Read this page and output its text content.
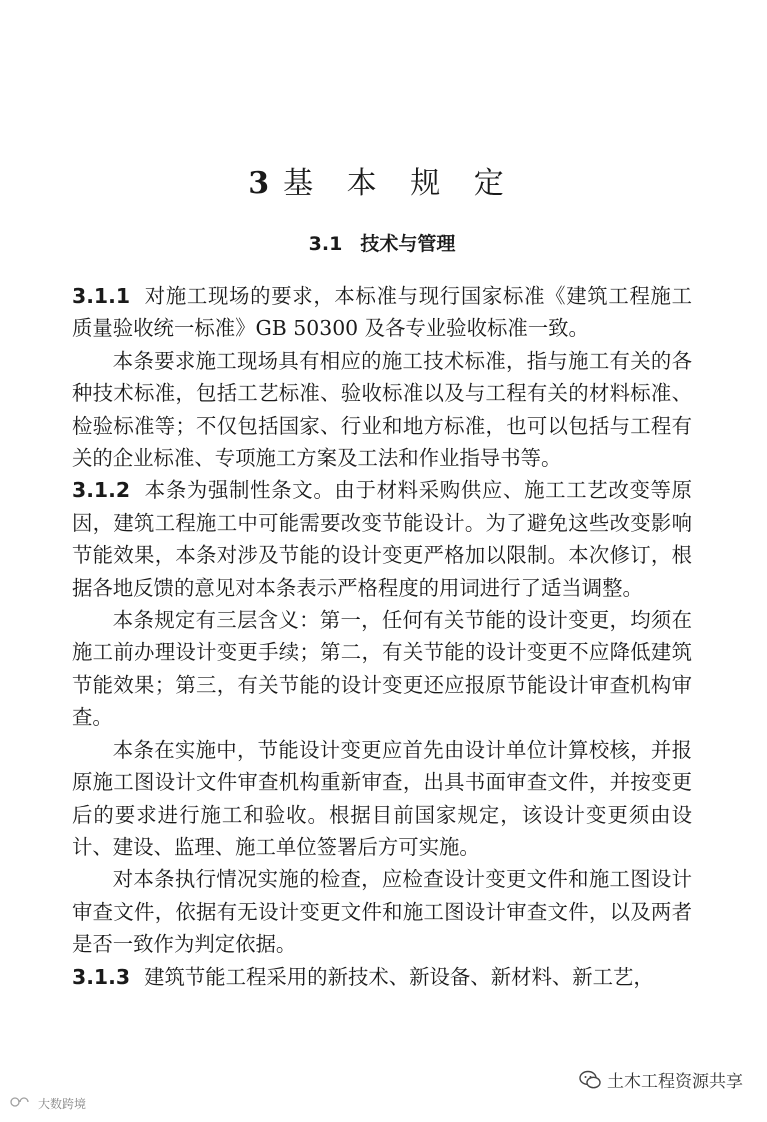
3 基 本 规 定
3.1 技术与管理

3.1.1 对施工现场的要求，本标准与现行国家标准《建筑工程施工质量验收统一标准》GB 50300 及各专业验收标准一致。

本条要求施工现场具有相应的施工技术标准，指与施工有关的各种技术标准，包括工艺标准、验收标准以及与工程有关的材料标准、检验标准等；不仅包括国家、行业和地方标准，也可以包括与工程有关的企业标准、专项施工方案及工法和作业指导书等。

3.1.2 本条为强制性条文。由于材料采购供应、施工工艺改变等原因，建筑工程施工中可能需要改变节能设计。为了避免这些改变影响节能效果，本条对涉及节能的设计变更严格加以限制。本次修订，根据各地反馈的意见对本条表示严格程度的用词进行了适当调整。

本条规定有三层含义：第一，任何有关节能的设计变更，均须在施工前办理设计变更手续；第二，有关节能的设计变更不应降低建筑节能效果；第三，有关节能的设计变更还应报原节能设计审查机构审查。

本条在实施中，节能设计变更应首先由设计单位计算校核，并报原施工图设计文件审查机构重新审查，出具书面审查文件，并按变更后的要求进行施工和验收。根据目前国家规定，该设计变更须由设计、建设、监理、施工单位签署后方可实施。

对本条执行情况实施的检查，应检查设计变更文件和施工图设计审查文件，依据有无设计变更文件和施工图设计审查文件，以及两者是否一致作为判定依据。

3.1.3 建筑节能工程采用的新技术、新设备、新材料、新工艺，

土木工程资源共享
大数跨境
